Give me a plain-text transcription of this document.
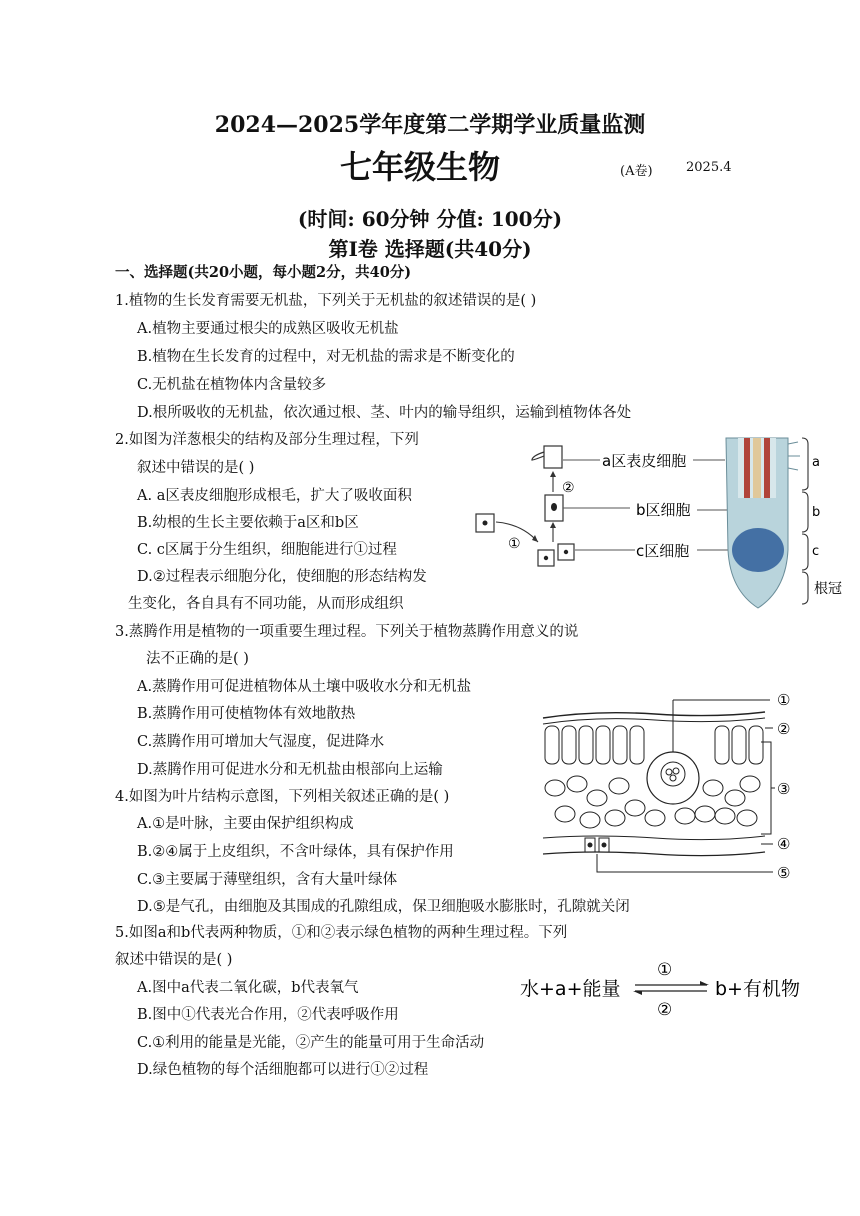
2024—2025学年度第二学期学业质量监测
七年级生物	(A卷)	2025.4
(时间: 60分钟 分值: 100分)
第Ⅰ卷 选择题(共40分)
一、选择题(共20小题，每小题2分，共40分)
1.植物的生长发育需要无机盐，下列关于无机盐的叙述错误的是( )
A.植物主要通过根尖的成熟区吸收无机盐
B.植物在生长发育的过程中，对无机盐的需求是不断变化的
C.无机盐在植物体内含量较多
D.根所吸收的无机盐，依次通过根、茎、叶内的输导组织，运输到植物体各处
2.如图为洋葱根尖的结构及部分生理过程，下列
叙述中错误的是( )
A. a区表皮细胞形成根毛，扩大了吸收面积
B.幼根的生长主要依赖于a区和b区
C. c区属于分生组织，细胞能进行①过程
D.②过程表示细胞分化，使细胞的形态结构发
生变化，各自具有不同功能，从而形成组织
①
②
a区表皮细胞
b区细胞
c区细胞
a
b
c
根冠
3.蒸腾作用是植物的一项重要生理过程。下列关于植物蒸腾作用意义的说
法不正确的是( )
A.蒸腾作用可促进植物体从土壤中吸收水分和无机盐
B.蒸腾作用可使植物体有效地散热
C.蒸腾作用可增加大气湿度，促进降水
D.蒸腾作用可促进水分和无机盐由根部向上运输
4.如图为叶片结构示意图，下列相关叙述正确的是( )
A.①是叶脉，主要由保护组织构成
B.②④属于上皮组织，不含叶绿体，具有保护作用
C.③主要属于薄壁组织，含有大量叶绿体
D.⑤是气孔，由细胞及其围成的孔隙组成，保卫细胞吸水膨胀时，孔隙就关闭
①
②
③
④
⑤
5.如图a和b代表两种物质，①和②表示绿色植物的两种生理过程。下列
叙述中错误的是( )
A.图中a代表二氧化碳，b代表氧气
B.图中①代表光合作用，②代表呼吸作用
C.①利用的能量是光能，②产生的能量可用于生命活动
D.绿色植物的每个活细胞都可以进行①②过程
水+a+能量
①
②
b+有机物
